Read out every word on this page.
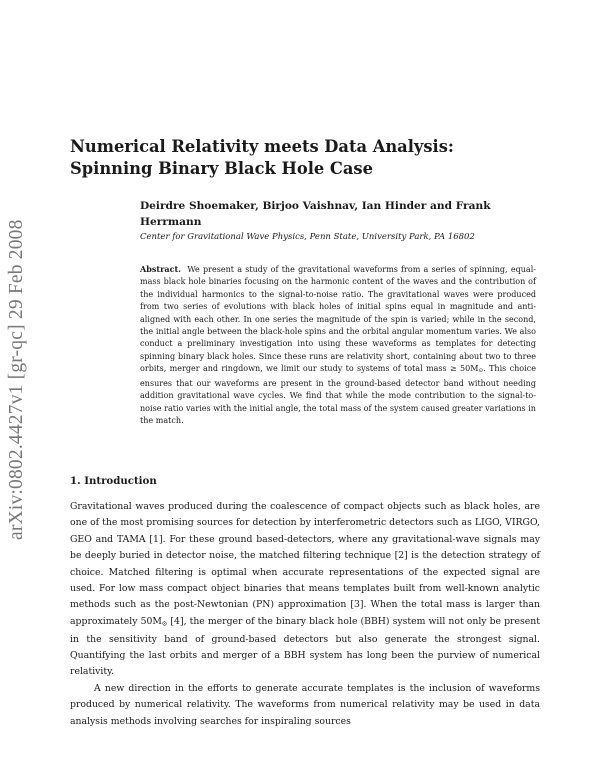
arXiv:0802.4427v1 [gr-qc] 29 Feb 2008
Numerical Relativity meets Data Analysis: Spinning Binary Black Hole Case

Deirdre Shoemaker, Birjoo Vaishnav, Ian Hinder and Frank Herrmann

Center for Gravitational Wave Physics, Penn State, University Park, PA 16802

Abstract. We present a study of the gravitational waveforms from a series of spinning, equal-mass black hole binaries focusing on the harmonic content of the waves and the contribution of the individual harmonics to the signal-to-noise ratio. The gravitational waves were produced from two series of evolutions with black holes of initial spins equal in magnitude and anti-aligned with each other. In one series the magnitude of the spin is varied; while in the second, the initial angle between the black-hole spins and the orbital angular momentum varies. We also conduct a preliminary investigation into using these waveforms as templates for detecting spinning binary black holes. Since these runs are relativity short, containing about two to three orbits, merger and ringdown, we limit our study to systems of total mass ≥ $50M_⊙$. This choice ensures that our waveforms are present in the ground-based detector band without needing addition gravitational wave cycles. We find that while the mode contribution to the signal-to-noise ratio varies with the initial angle, the total mass of the system caused greater variations in the match.

1. Introduction

Gravitational waves produced during the coalescence of compact objects such as black holes, are one of the most promising sources for detection by interferometric detectors such as LIGO, VIRGO, GEO and TAMA [1]. For these ground based-detectors, where any gravitational-wave signals may be deeply buried in detector noise, the matched filtering technique [2] is the detection strategy of choice. Matched filtering is optimal when accurate representations of the expected signal are used. For low mass compact object binaries that means templates built from well-known analytic methods such as the post-Newtonian (PN) approximation [3]. When the total mass is larger than approximately $50M_⊙$ [4], the merger of the binary black hole (BBH) system will not only be present in the sensitivity band of ground-based detectors but also generate the strongest signal. Quantifying the last orbits and merger of a BBH system has long been the purview of numerical relativity.

A new direction in the efforts to generate accurate templates is the inclusion of waveforms produced by numerical relativity. The waveforms from numerical relativity may be used in data analysis methods involving searches for inspiraling sources
